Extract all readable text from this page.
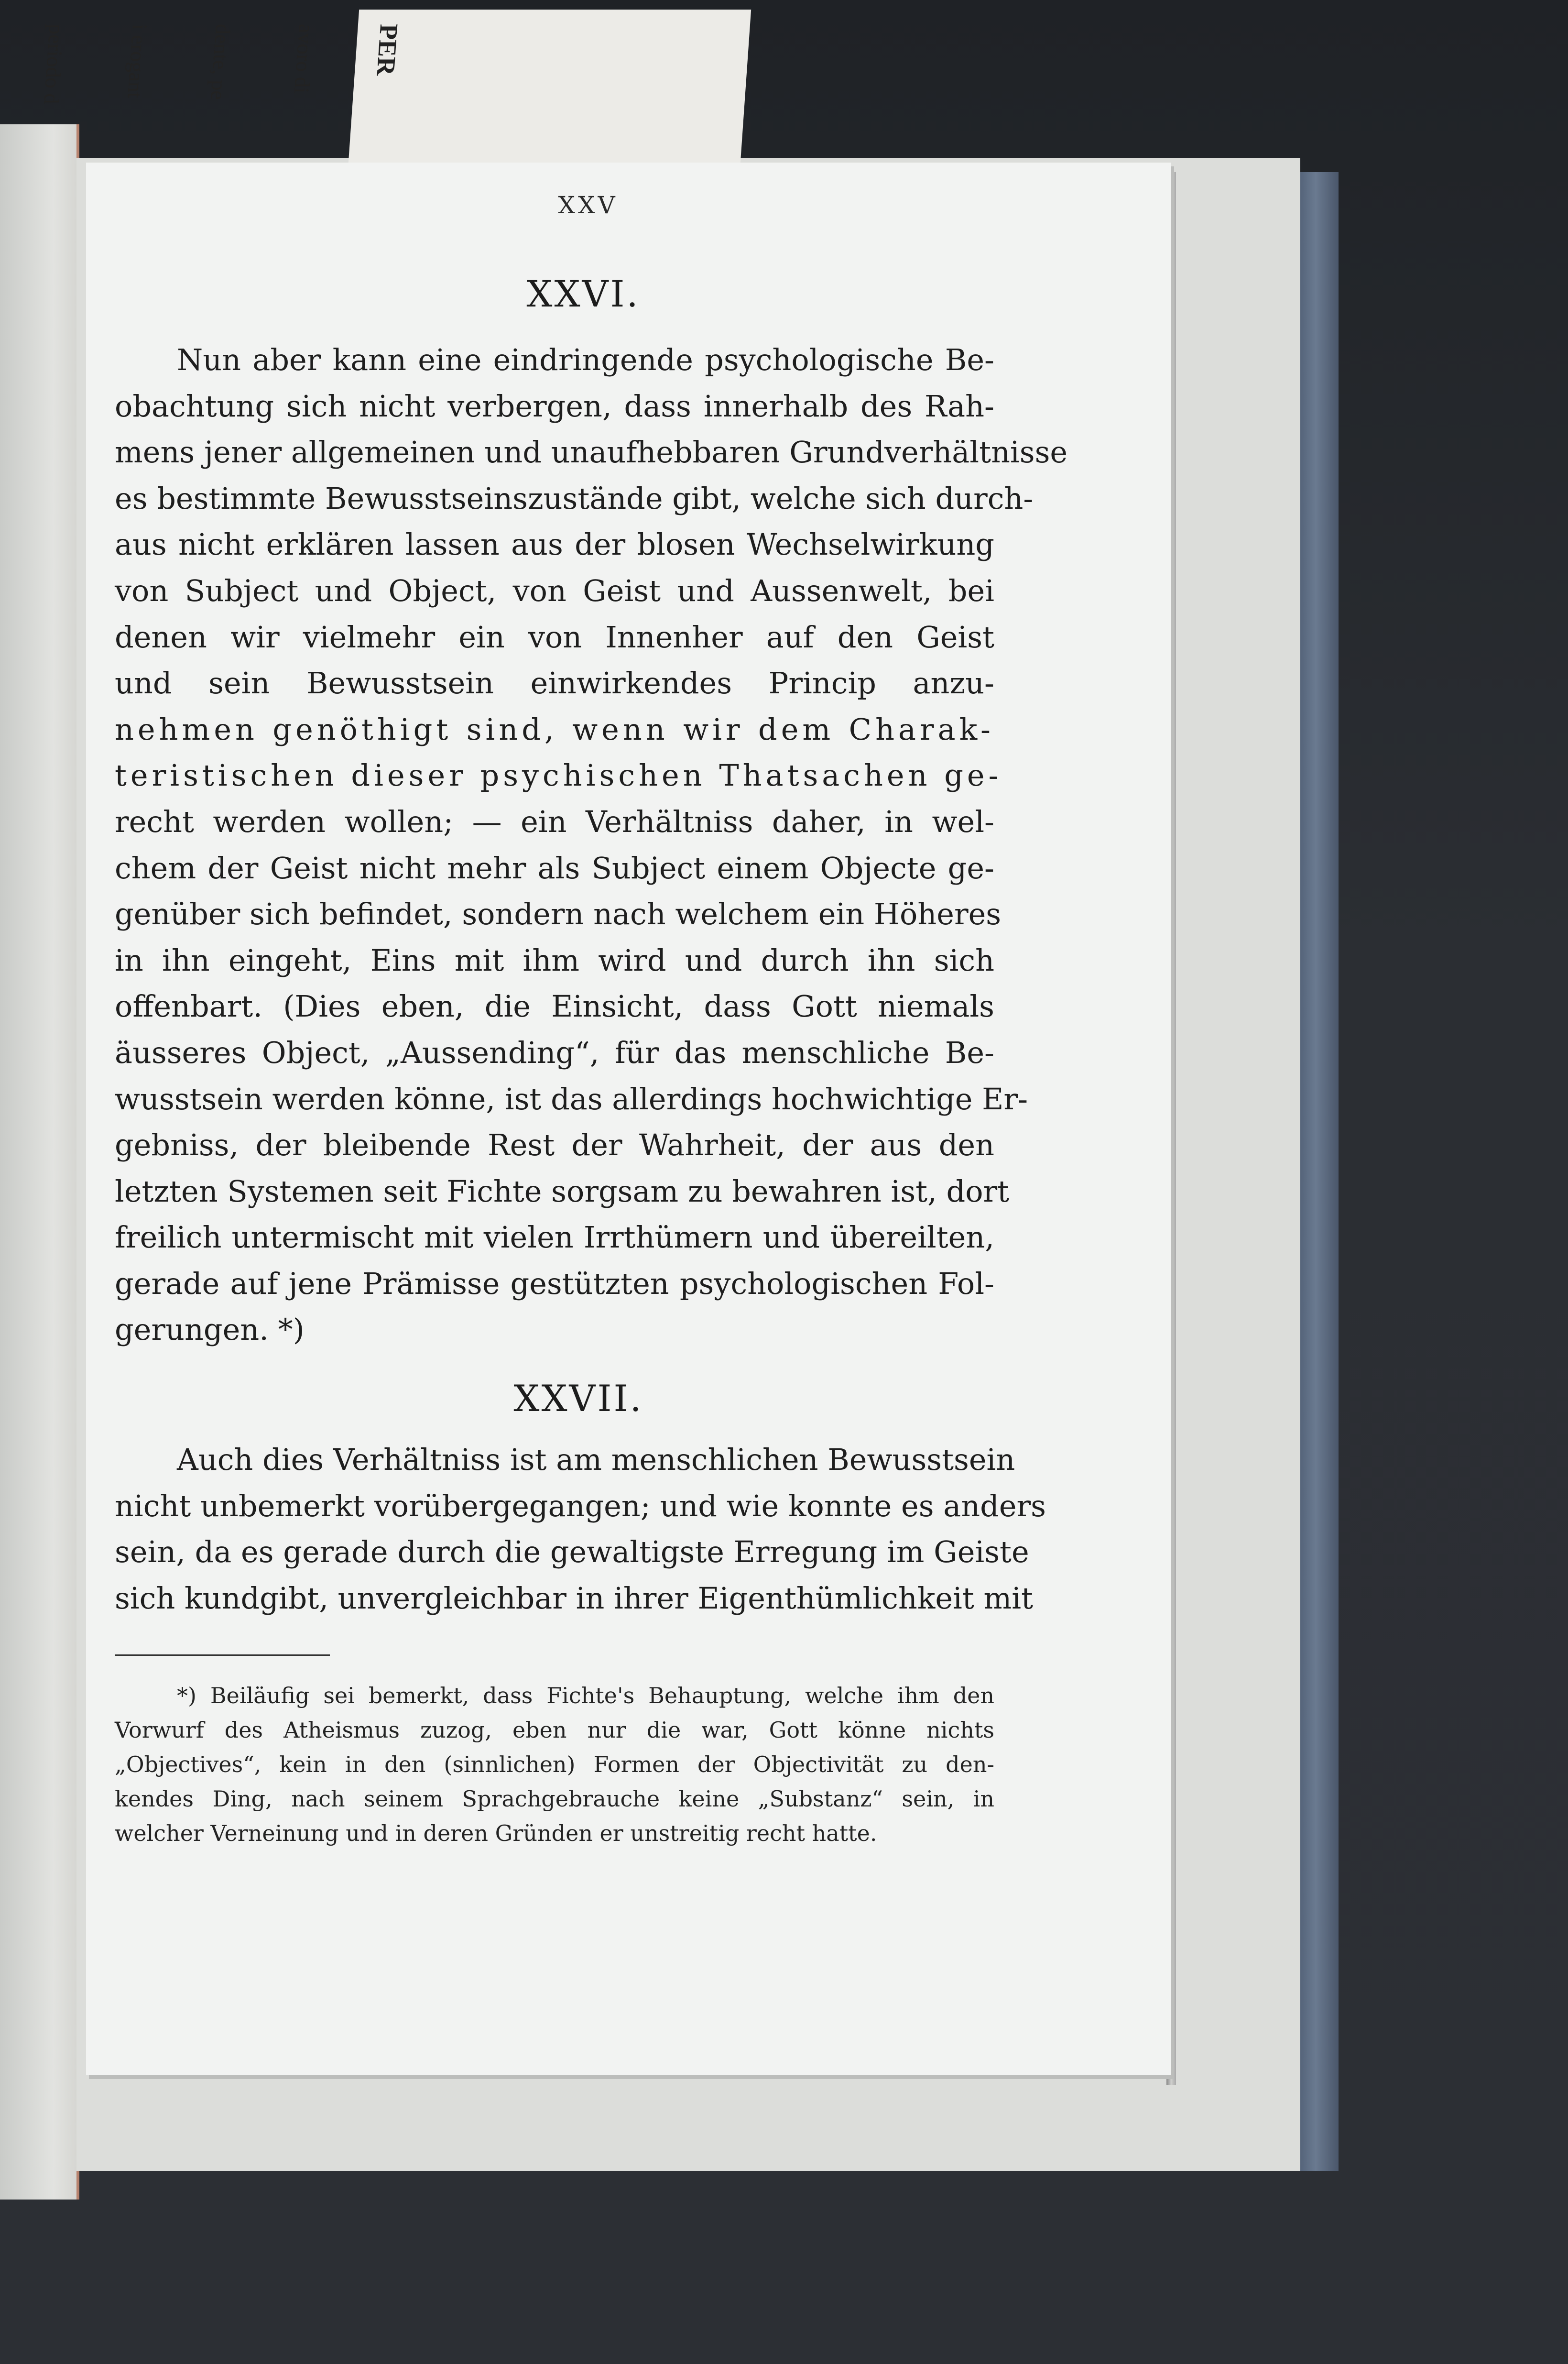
PER

avoro di

dente, pe

i erogant

periodo d

XXV
XXVI.
Nun aber kann eine eindringende psychologische Be-
obachtung sich nicht verbergen, dass innerhalb des Rah-
mens jener allgemeinen und unaufhebbaren Grundverhältnisse
es bestimmte Bewusstseinszustände gibt, welche sich durch-
aus nicht erklären lassen aus der blosen Wechselwirkung
von Subject und Object, von Geist und Aussenwelt, bei
denen wir vielmehr ein von Innenher auf den Geist
und sein Bewusstsein einwirkendes Princip anzu-
nehmen genöthigt sind, wenn wir dem Charak-
teristischen dieser psychischen Thatsachen ge-
recht werden wollen; — ein Verhältniss daher, in wel-
chem der Geist nicht mehr als Subject einem Objecte ge-
genüber sich befindet, sondern nach welchem ein Höheres
in ihn eingeht, Eins mit ihm wird und durch ihn sich
offenbart. (Dies eben, die Einsicht, dass Gott niemals
äusseres Object, „Aussending“, für das menschliche Be-
wusstsein werden könne, ist das allerdings hochwichtige Er-
gebniss, der bleibende Rest der Wahrheit, der aus den
letzten Systemen seit Fichte sorgsam zu bewahren ist, dort
freilich untermischt mit vielen Irrthümern und übereilten,
gerade auf jene Prämisse gestützten psychologischen Fol-
gerungen. *)
XXVII.
Auch dies Verhältniss ist am menschlichen Bewusstsein
nicht unbemerkt vorübergegangen; und wie konnte es anders
sein, da es gerade durch die gewaltigste Erregung im Geiste
sich kundgibt, unvergleichbar in ihrer Eigenthümlichkeit mit
*) Beiläufig sei bemerkt, dass Fichte's Behauptung, welche ihm den
Vorwurf des Atheismus zuzog, eben nur die war, Gott könne nichts
„Objectives“, kein in den (sinnlichen) Formen der Objectivität zu den-
kendes Ding, nach seinem Sprachgebrauche keine „Substanz“ sein, in
welcher Verneinung und in deren Gründen er unstreitig recht hatte.
